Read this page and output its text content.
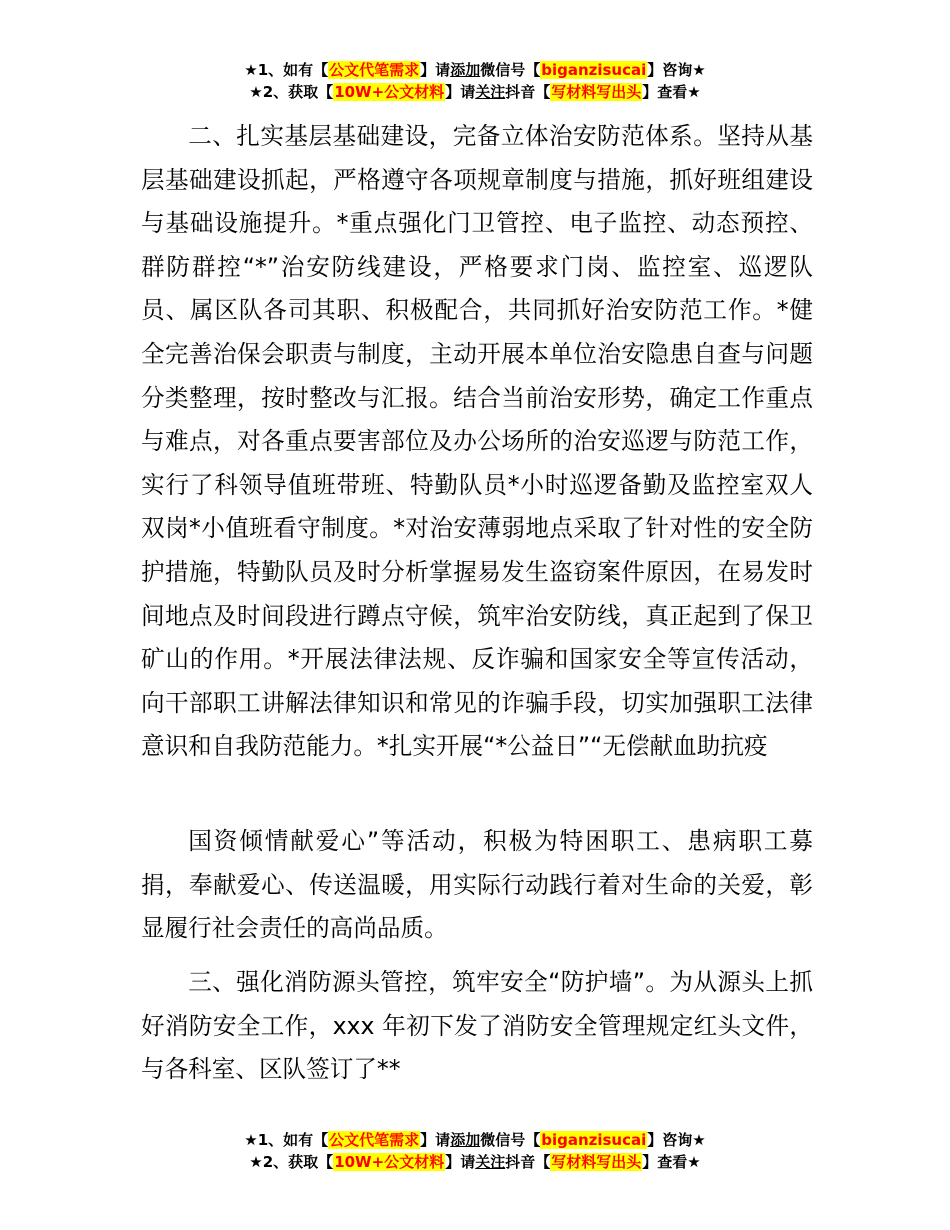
★1、如有【公文代笔需求】请添加微信号【biganzisucai】咨询★
★2、获取【10W+公文材料】请关注抖音【写材料写出头】查看★

二、扎实基层基础建设，完备立体治安防范体系。坚持从基层基础建设抓起，严格遵守各项规章制度与措施，抓好班组建设与基础设施提升。*重点强化门卫管控、电子监控、动态预控、群防群控“*”治安防线建设，严格要求门岗、监控室、巡逻队员、属区队各司其职、积极配合，共同抓好治安防范工作。*健全完善治保会职责与制度，主动开展本单位治安隐患自查与问题分类整理，按时整改与汇报。结合当前治安形势，确定工作重点与难点，对各重点要害部位及办公场所的治安巡逻与防范工作，实行了科领导值班带班、特勤队员*小时巡逻备勤及监控室双人双岗*小值班看守制度。*对治安薄弱地点采取了针对性的安全防护措施，特勤队员及时分析掌握易发生盗窃案件原因，在易发时间地点及时间段进行蹲点守候，筑牢治安防线，真正起到了保卫矿山的作用。*开展法律法规、反诈骗和国家安全等宣传活动，向干部职工讲解法律知识和常见的诈骗手段，切实加强职工法律意识和自我防范能力。*扎实开展“*公益日”“无偿献血助抗疫

国资倾情献爱心”等活动，积极为特困职工、患病职工募捐，奉献爱心、传送温暖，用实际行动践行着对生命的关爱，彰显履行社会责任的高尚品质。

三、强化消防源头管控，筑牢安全“防护墙”。为从源头上抓好消防安全工作，xxx 年初下发了消防安全管理规定红头文件，与各科室、区队签订了**

★1、如有【公文代笔需求】请添加微信号【biganzisucai】咨询★
★2、获取【10W+公文材料】请关注抖音【写材料写出头】查看★
